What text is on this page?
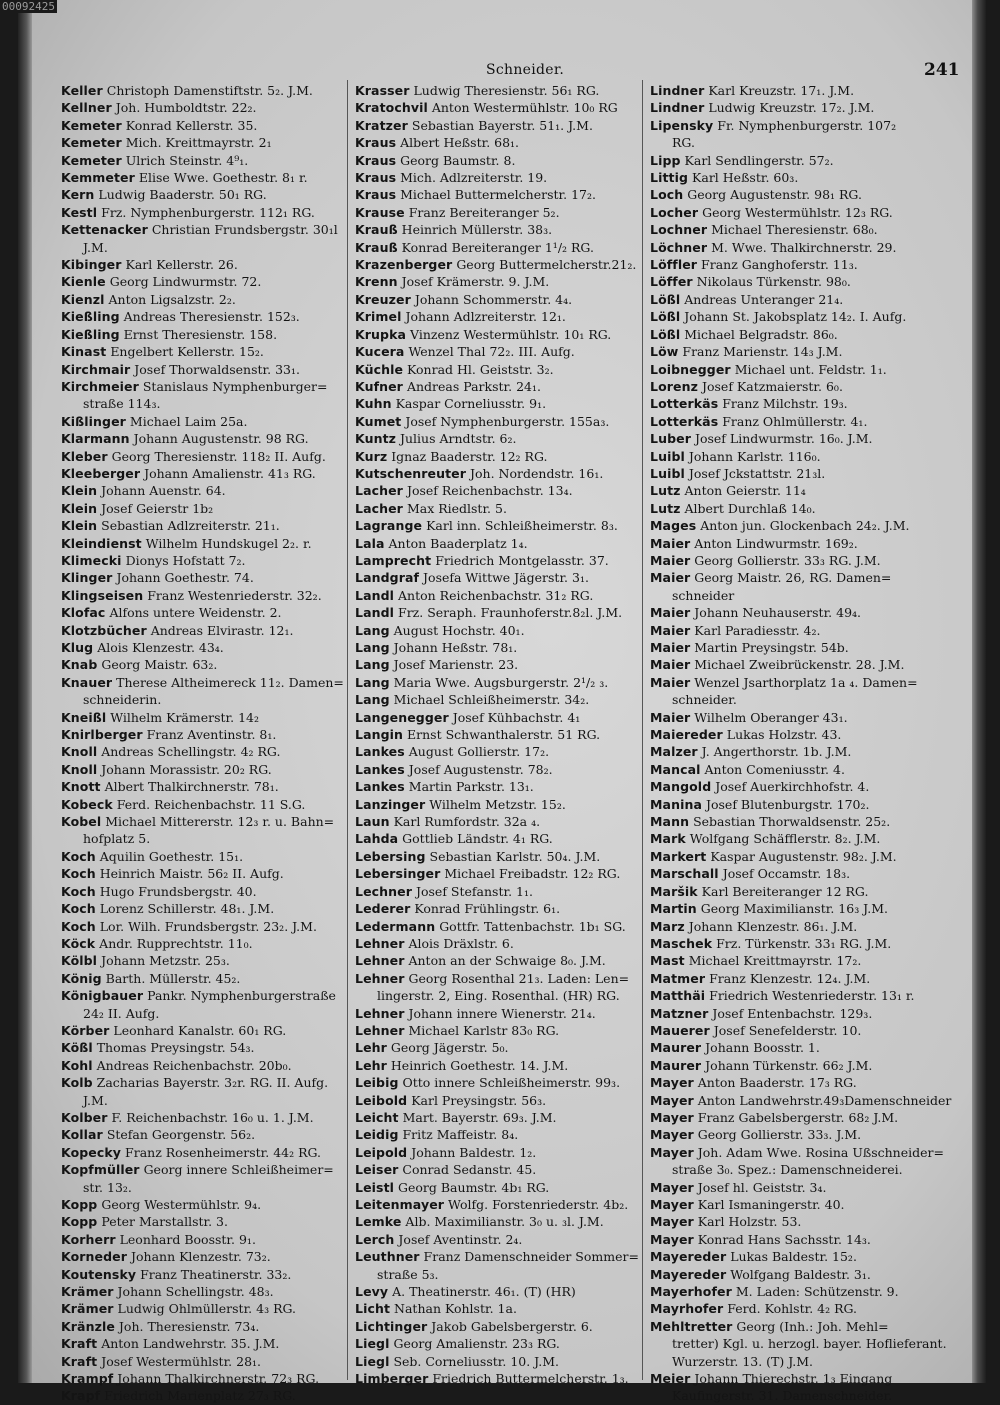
Schneider.	241
Keller Christoph Damenstiftstr. 5₂. J.M.
Kellner Joh. Humboldtstr. 22₂.
Kemeter Konrad Kellerstr. 35.
Kemeter Mich. Kreittmayrstr. 2₁
Kemeter Ulrich Steinstr. 4⁹₁.
Kemmeter Elise Wwe. Goethestr. 8₁ r.
Kern Ludwig Baaderstr. 50₁ RG.
Kestl Frz. Nymphenburgerstr. 112₁ RG.
Kettenacker Christian Frundsbergstr. 30₁l
J.M.
Kibinger Karl Kellerstr. 26.
Kienle Georg Lindwurmstr. 72.
Kienzl Anton Ligsalzstr. 2₂.
Kießling Andreas Theresienstr. 152₃.
Kießling Ernst Theresienstr. 158.
Kinast Engelbert Kellerstr. 15₂.
Kirchmair Josef Thorwaldsenstr. 33₁.
Kirchmeier Stanislaus Nymphenburger=
straße 114₃.
Kißlinger Michael Laim 25a.
Klarmann Johann Augustenstr. 98 RG.
Kleber Georg Theresienstr. 118₂ II. Aufg.
Kleeberger Johann Amalienstr. 41₃ RG.
Klein Johann Auenstr. 64.
Klein Josef Geierstr 1b₂
Klein Sebastian Adlzreiterstr. 21₁.
Kleindienst Wilhelm Hundskugel 2₂. r.
Klimecki Dionys Hofstatt 7₂.
Klinger Johann Goethestr. 74.
Klingseisen Franz Westenriederstr. 32₂.
Klofac Alfons untere Weidenstr. 2.
Klotzbücher Andreas Elvirastr. 12₁.
Klug Alois Klenzestr. 43₄.
Knab Georg Maistr. 63₂.
Knauer Therese Altheimereck 11₂. Damen=
schneiderin.
Kneißl Wilhelm Krämerstr. 14₂
Knirlberger Franz Aventinstr. 8₁.
Knoll Andreas Schellingstr. 4₂ RG.
Knoll Johann Morassistr. 20₂ RG.
Knott Albert Thalkirchnerstr. 78₁.
Kobeck Ferd. Reichenbachstr. 11 S.G.
Kobel Michael Mittererstr. 12₃ r. u. Bahn=
hofplatz 5.
Koch Aquilin Goethestr. 15₁.
Koch Heinrich Maistr. 56₂ II. Aufg.
Koch Hugo Frundsbergstr. 40.
Koch Lorenz Schillerstr. 48₁. J.M.
Koch Lor. Wilh. Frundsbergstr. 23₂. J.M.
Köck Andr. Rupprechtstr. 11₀.
Kölbl Johann Metzstr. 25₃.
König Barth. Müllerstr. 45₂.
Königbauer Pankr. Nymphenburgerstraße
24₂ II. Aufg.
Körber Leonhard Kanalstr. 60₁ RG.
Kößl Thomas Preysingstr. 54₃.
Kohl Andreas Reichenbachstr. 20b₀.
Kolb Zacharias Bayerstr. 3₂r. RG. II. Aufg.
J.M.
Kolber F. Reichenbachstr. 16₀ u. 1. J.M.
Kollar Stefan Georgenstr. 56₂.
Kopecky Franz Rosenheimerstr. 44₂ RG.
Kopfmüller Georg innere Schleißheimer=
str. 13₂.
Kopp Georg Westermühlstr. 9₄.
Kopp Peter Marstallstr. 3.
Korherr Leonhard Boosstr. 9₁.
Korneder Johann Klenzestr. 73₂.
Koutensky Franz Theatinerstr. 33₂.
Krämer Johann Schellingstr. 48₃.
Krämer Ludwig Ohlmüllerstr. 4₃ RG.
Kränzle Joh. Theresienstr. 73₄.
Kraft Anton Landwehrstr. 35. J.M.
Kraft Josef Westermühlstr. 28₁.
Krampf Johann Thalkirchnerstr. 72₃ RG.
Krapf Friedrich Marienplatz 27₃ RG.
Krasser Ludwig Theresienstr. 56₁ RG.
Kratochvil Anton Westermühlstr. 10₀ RG
Kratzer Sebastian Bayerstr. 51₁. J.M.
Kraus Albert Heßstr. 68₁.
Kraus Georg Baumstr. 8.
Kraus Mich. Adlzreiterstr. 19.
Kraus Michael Buttermelcherstr. 17₂.
Krause Franz Bereiteranger 5₂.
Krauß Heinrich Müllerstr. 38₃.
Krauß Konrad Bereiteranger 1¹/₂ RG.
Krazenberger Georg Buttermelcherstr.21₂.
Krenn Josef Krämerstr. 9. J.M.
Kreuzer Johann Schommerstr. 4₄.
Krimel Johann Adlzreiterstr. 12₁.
Krupka Vinzenz Westermühlstr. 10₁ RG.
Kucera Wenzel Thal 72₂. III. Aufg.
Küchle Konrad Hl. Geiststr. 3₂.
Kufner Andreas Parkstr. 24₁.
Kuhn Kaspar Corneliusstr. 9₁.
Kumet Josef Nymphenburgerstr. 155a₃.
Kuntz Julius Arndtstr. 6₂.
Kurz Ignaz Baaderstr. 12₂ RG.
Kutschenreuter Joh. Nordendstr. 16₁.
Lacher Josef Reichenbachstr. 13₄.
Lacher Max Riedlstr. 5.
Lagrange Karl inn. Schleißheimerstr. 8₃.
Lala Anton Baaderplatz 1₄.
Lamprecht Friedrich Montgelasstr. 37.
Landgraf Josefa Wittwe Jägerstr. 3₁.
Landl Anton Reichenbachstr. 31₂ RG.
Landl Frz. Seraph. Fraunhoferstr.8₂l. J.M.
Lang August Hochstr. 40₁.
Lang Johann Heßstr. 78₁.
Lang Josef Marienstr. 23.
Lang Maria Wwe. Augsburgerstr. 2¹/₂ ₃.
Lang Michael Schleißheimerstr. 34₂.
Langenegger Josef Kühbachstr. 4₁
Langin Ernst Schwanthalerstr. 51 RG.
Lankes August Gollierstr. 17₂.
Lankes Josef Augustenstr. 78₂.
Lankes Martin Parkstr. 13₁.
Lanzinger Wilhelm Metzstr. 15₂.
Laun Karl Rumfordstr. 32a ₄.
Lahda Gottlieb Ländstr. 4₁ RG.
Lebersing Sebastian Karlstr. 50₄. J.M.
Lebersinger Michael Freibadstr. 12₂ RG.
Lechner Josef Stefanstr. 1₁.
Lederer Konrad Frühlingstr. 6₁.
Ledermann Gottfr. Tattenbachstr. 1b₁ SG.
Lehner Alois Dräxlstr. 6.
Lehner Anton an der Schwaige 8₀. J.M.
Lehner Georg Rosenthal 21₃. Laden: Len=
lingerstr. 2, Eing. Rosenthal. (HR) RG.
Lehner Johann innere Wienerstr. 21₄.
Lehner Michael Karlstr 83₀ RG.
Lehr Georg Jägerstr. 5₀.
Lehr Heinrich Goethestr. 14. J.M.
Leibig Otto innere Schleißheimerstr. 99₃.
Leibold Karl Preysingstr. 56₃.
Leicht Mart. Bayerstr. 69₃. J.M.
Leidig Fritz Maffeistr. 8₄.
Leipold Johann Baldestr. 1₂.
Leiser Conrad Sedanstr. 45.
Leistl Georg Baumstr. 4b₁ RG.
Leitenmayer Wolfg. Forstenriederstr. 4b₂.
Lemke Alb. Maximilianstr. 3₀ u. ₃l. J.M.
Lerch Josef Aventinstr. 2₄.
Leuthner Franz Damenschneider Sommer=
straße 5₃.
Levy A. Theatinerstr. 46₁. (T) (HR)
Licht Nathan Kohlstr. 1a.
Lichtinger Jakob Gabelsbergerstr. 6.
Liegl Georg Amalienstr. 23₃ RG.
Liegl Seb. Corneliusstr. 10. J.M.
Limberger Friedrich Buttermelcherstr. 1₃.
Lindner Karl Kreuzstr. 17₁. J.M.
Lindner Ludwig Kreuzstr. 17₂. J.M.
Lipensky Fr. Nymphenburgerstr. 107₂
RG.
Lipp Karl Sendlingerstr. 57₂.
Littig Karl Heßstr. 60₃.
Loch Georg Augustenstr. 98₁ RG.
Locher Georg Westermühlstr. 12₃ RG.
Lochner Michael Theresienstr. 68₀.
Löchner M. Wwe. Thalkirchnerstr. 29.
Löffler Franz Ganghoferstr. 11₃.
Löffer Nikolaus Türkenstr. 98₀.
Lößl Andreas Unteranger 21₄.
Lößl Johann St. Jakobsplatz 14₂. I. Aufg.
Lößl Michael Belgradstr. 86₀.
Löw Franz Marienstr. 14₃ J.M.
Loibnegger Michael unt. Feldstr. 1₁.
Lorenz Josef Katzmaierstr. 6₀.
Lotterkäs Franz Milchstr. 19₃.
Lotterkäs Franz Ohlmüllerstr. 4₁.
Luber Josef Lindwurmstr. 16₀. J.M.
Luibl Johann Karlstr. 116₀.
Luibl Josef Jckstattstr. 21₃l.
Lutz Anton Geierstr. 11₄
Lutz Albert Durchlaß 14₀.
Mages Anton jun. Glockenbach 24₂. J.M.
Maier Anton Lindwurmstr. 169₂.
Maier Georg Gollierstr. 33₃ RG. J.M.
Maier Georg Maistr. 26, RG. Damen=
schneider
Maier Johann Neuhauserstr. 49₄.
Maier Karl Paradiesstr. 4₂.
Maier Martin Preysingstr. 54b.
Maier Michael Zweibrückenstr. 28. J.M.
Maier Wenzel Jsarthorplatz 1a ₄. Damen=
schneider.
Maier Wilhelm Oberanger 43₁.
Maiereder Lukas Holzstr. 43.
Malzer J. Angerthorstr. 1b. J.M.
Mancal Anton Comeniusstr. 4.
Mangold Josef Auerkirchhofstr. 4.
Manina Josef Blutenburgstr. 170₂.
Mann Sebastian Thorwaldsenstr. 25₂.
Mark Wolfgang Schäfflerstr. 8₂. J.M.
Markert Kaspar Augustenstr. 98₂. J.M.
Marschall Josef Occamstr. 18₃.
Maršik Karl Bereiteranger 12 RG.
Martin Georg Maximilianstr. 16₃ J.M.
Marz Johann Klenzestr. 86₁. J.M.
Maschek Frz. Türkenstr. 33₁ RG. J.M.
Mast Michael Kreittmayrstr. 17₂.
Matmer Franz Klenzestr. 12₄. J.M.
Matthäi Friedrich Westenriederstr. 13₁ r.
Matzner Josef Entenbachstr. 129₃.
Mauerer Josef Senefelderstr. 10.
Maurer Johann Boosstr. 1.
Maurer Johann Türkenstr. 66₂ J.M.
Mayer Anton Baaderstr. 17₃ RG.
Mayer Anton Landwehrstr.49₃Damenschneider
Mayer Franz Gabelsbergerstr. 68₂ J.M.
Mayer Georg Gollierstr. 33₃. J.M.
Mayer Joh. Adam Wwe. Rosina Ußschneider=
straße 3₀. Spez.: Damenschneiderei.
Mayer Josef hl. Geiststr. 3₄.
Mayer Karl Ismaningerstr. 40.
Mayer Karl Holzstr. 53.
Mayer Konrad Hans Sachsstr. 14₃.
Mayereder Lukas Baldestr. 15₂.
Mayereder Wolfgang Baldestr. 3₁.
Mayerhofer M. Laden: Schützenstr. 9.
Mayrhofer Ferd. Kohlstr. 4₂ RG.
Mehltretter Georg (Inh.: Joh. Mehl=
tretter) Kgl. u. herzogl. bayer. Hoflieferant.
Wurzerstr. 13. (T) J.M.
Meier Johann Thierechstr. 1₃ Eingang
Kaufingerstr. 31. Damenschneider.
00092425
